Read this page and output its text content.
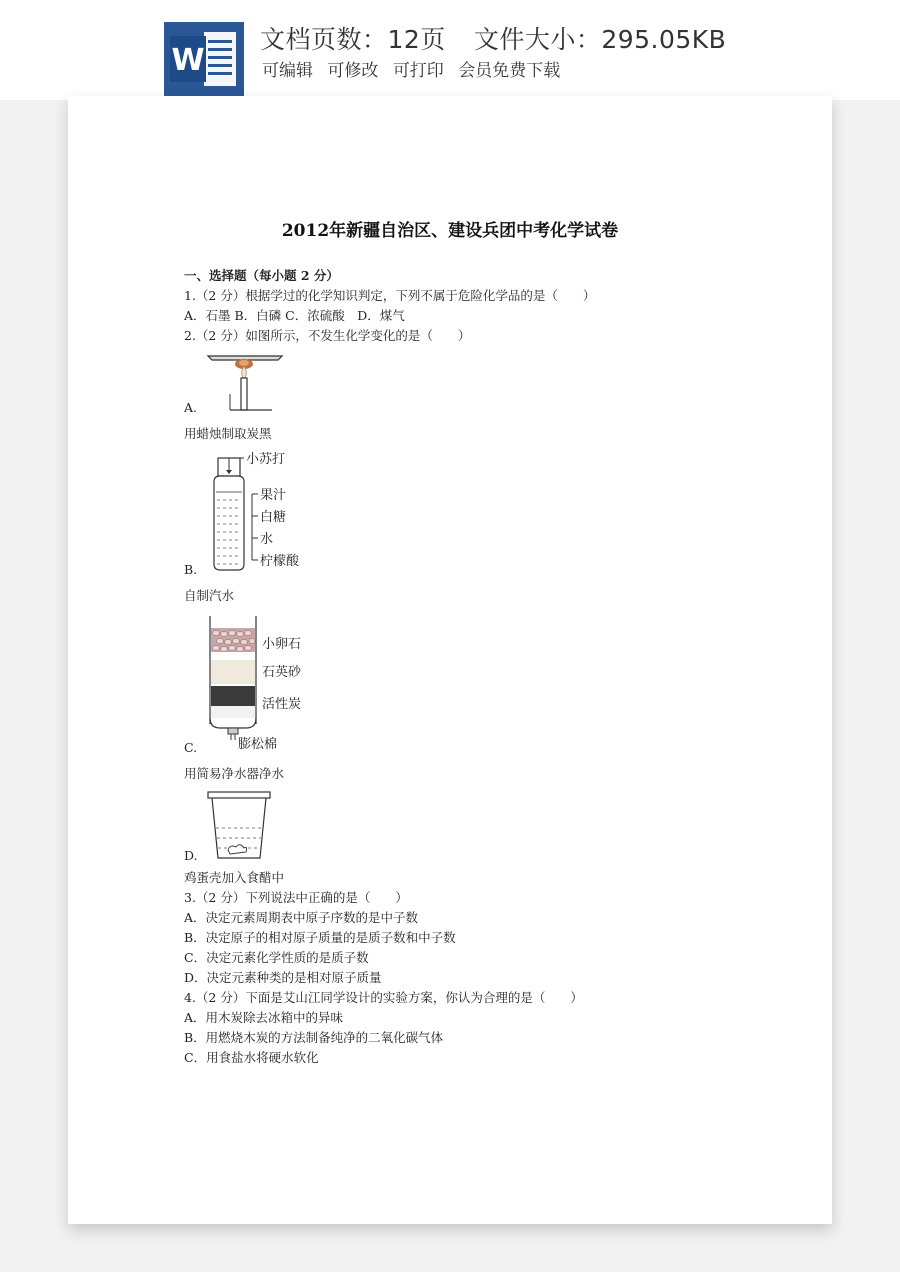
W
文档页数：12页 文件大小：295.05KB
可编辑 可修改 可打印 会员免费下载
2012年新疆自治区、建设兵团中考化学试卷
一、选择题（每小题 2 分）
1.（2 分）根据学过的化学知识判定，下列不属于危险化学品的是（　　）
A．石墨 B．白磷 C．浓硫酸　D．煤气
2.（2 分）如图所示，不发生化学变化的是（　　）
A.
用蜡烛制取炭黑
小苏打
果汁
白糖
水
柠檬酸
B.
自制汽水
小卵石
石英砂
活性炭
膨松棉
C.
用简易净水器净水
D.
鸡蛋壳加入食醋中
3.（2 分）下列说法中正确的是（　　）
A．决定元素周期表中原子序数的是中子数
B．决定原子的相对原子质量的是质子数和中子数
C．决定元素化学性质的是质子数
D．决定元素种类的是相对原子质量
4.（2 分）下面是艾山江同学设计的实验方案，你认为合理的是（　　）
A．用木炭除去冰箱中的异味
B．用燃烧木炭的方法制备纯净的二氧化碳气体
C．用食盐水将硬水软化
